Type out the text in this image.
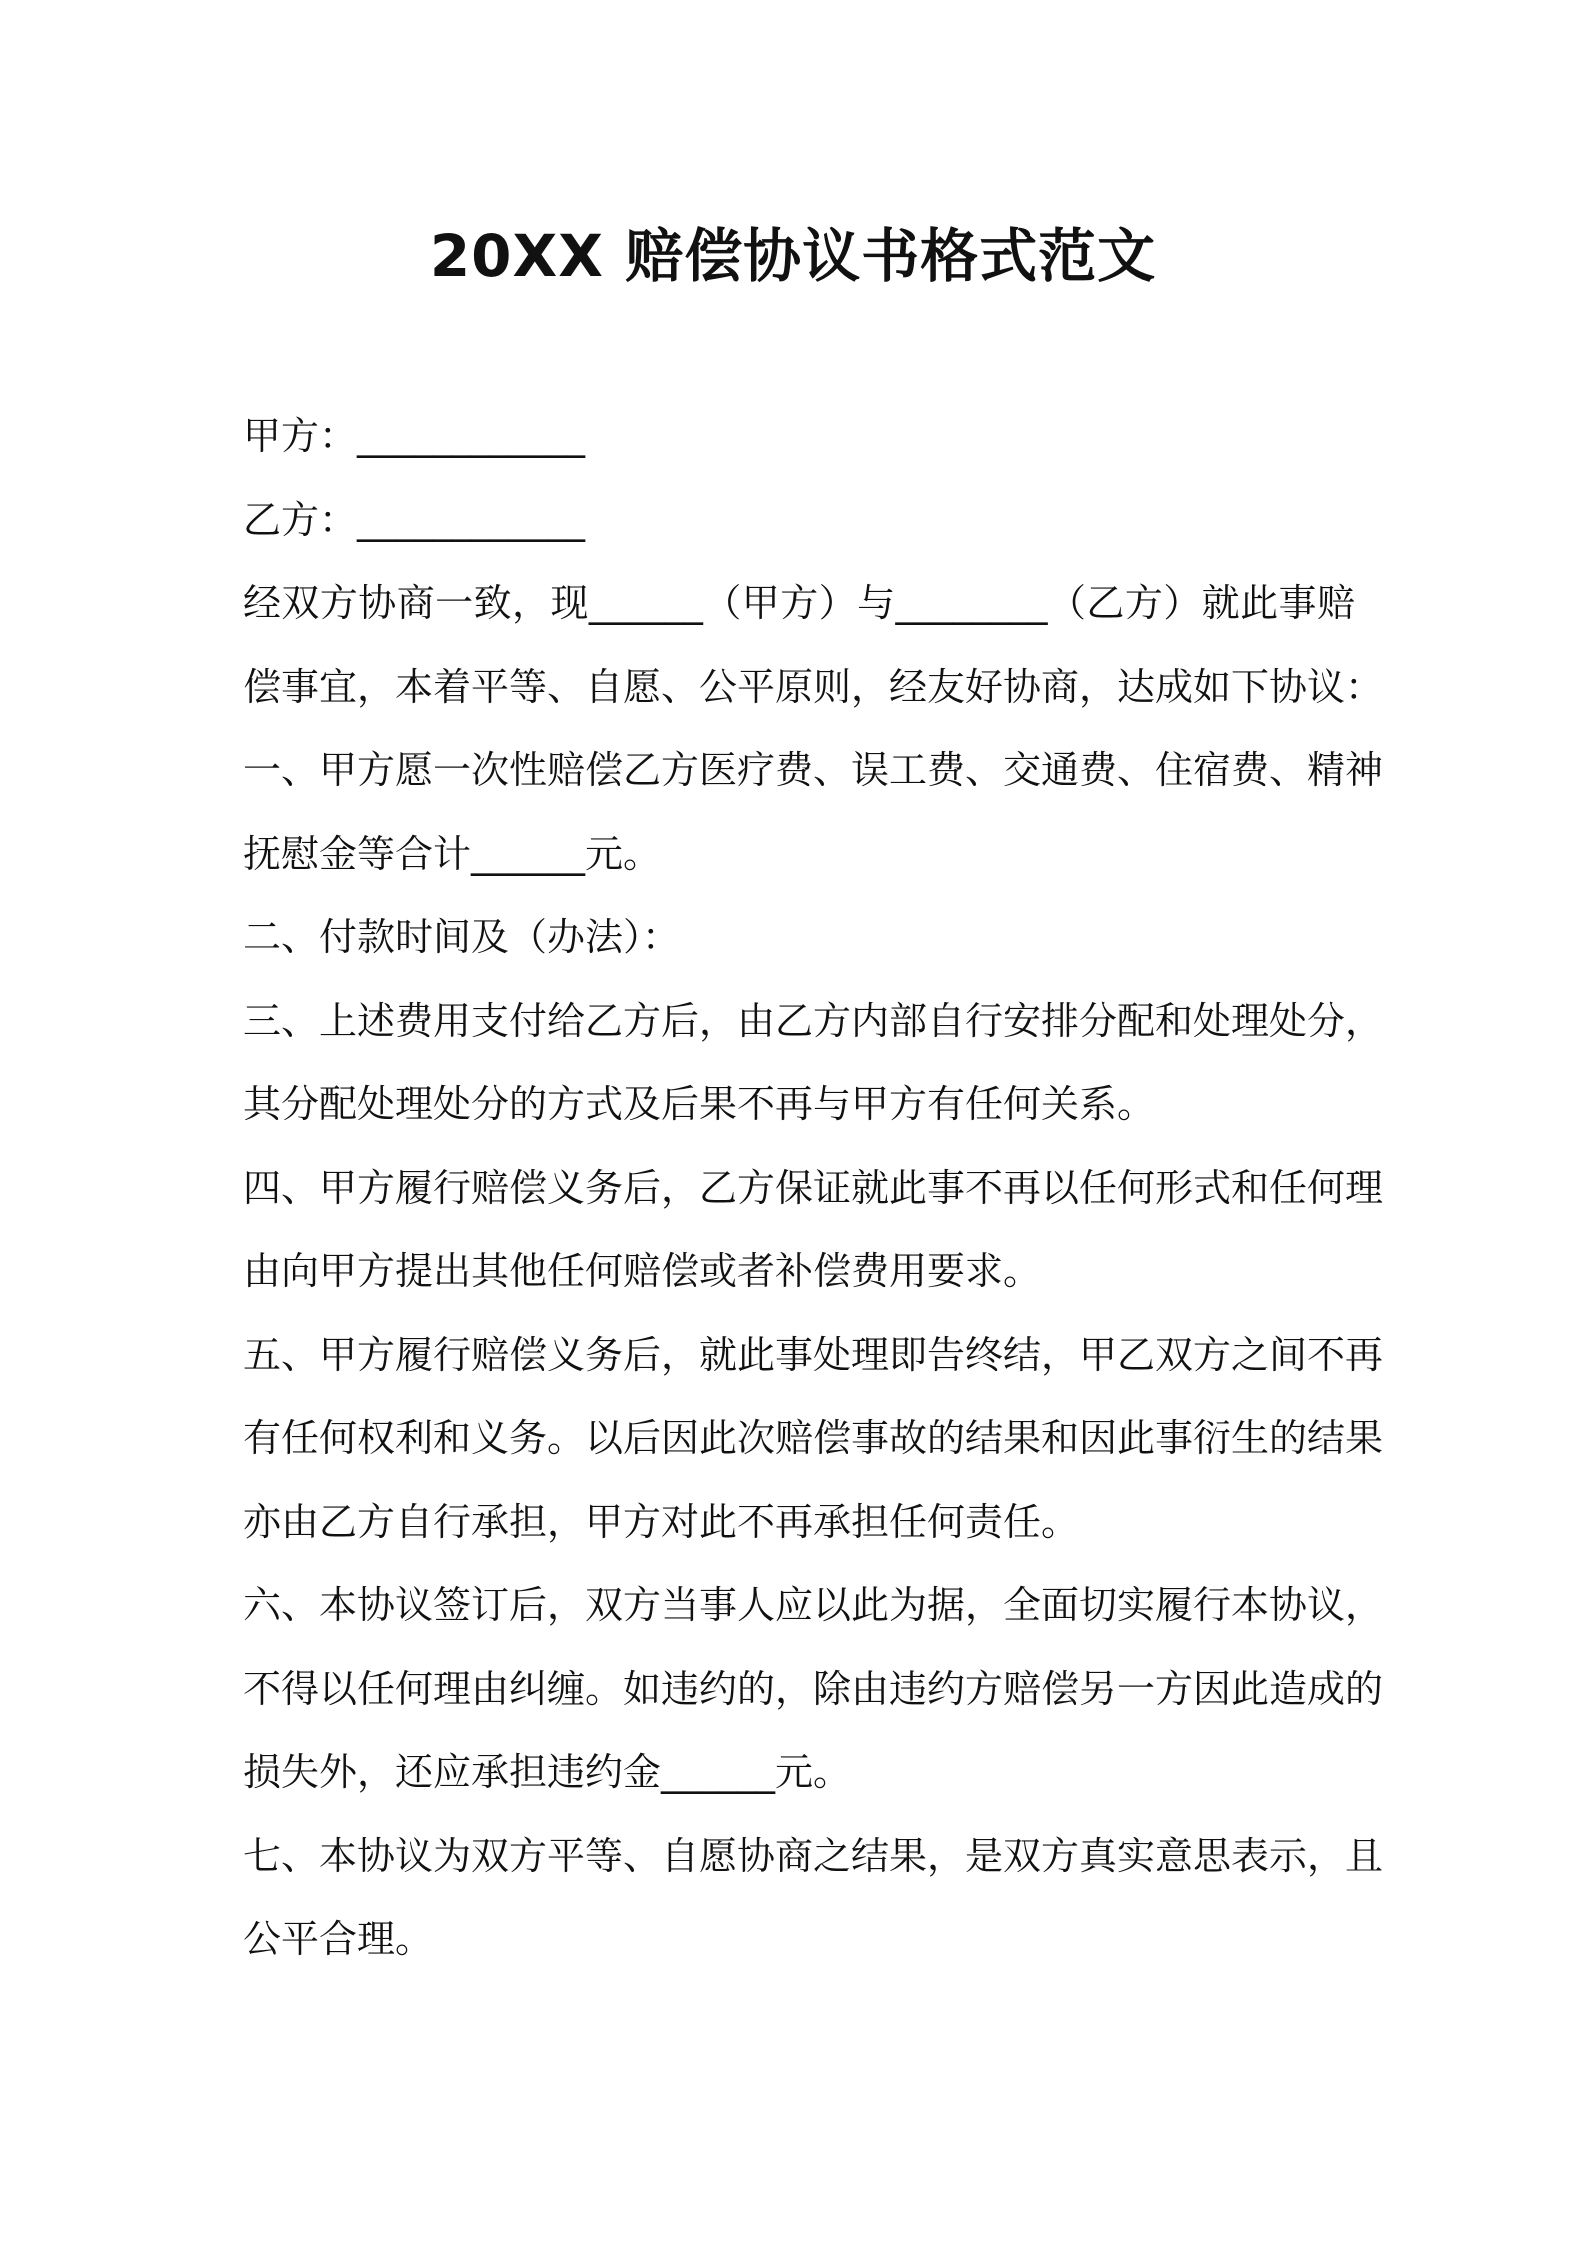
20XX 赔偿协议书格式范文
甲方：____________
乙方：____________
经双方协商一致，现______（甲方）与________（乙方）就此事赔
偿事宜，本着平等、自愿、公平原则，经友好协商，达成如下协议：
一、甲方愿一次性赔偿乙方医疗费、误工费、交通费、住宿费、精神
抚慰金等合计______元。
二、付款时间及（办法）：
三、上述费用支付给乙方后，由乙方内部自行安排分配和处理处分，
其分配处理处分的方式及后果不再与甲方有任何关系。
四、甲方履行赔偿义务后，乙方保证就此事不再以任何形式和任何理
由向甲方提出其他任何赔偿或者补偿费用要求。
五、甲方履行赔偿义务后，就此事处理即告终结，甲乙双方之间不再
有任何权利和义务。以后因此次赔偿事故的结果和因此事衍生的结果
亦由乙方自行承担，甲方对此不再承担任何责任。
六、本协议签订后，双方当事人应以此为据，全面切实履行本协议，
不得以任何理由纠缠。如违约的，除由违约方赔偿另一方因此造成的
损失外，还应承担违约金______元。
七、本协议为双方平等、自愿协商之结果，是双方真实意思表示，且
公平合理。
